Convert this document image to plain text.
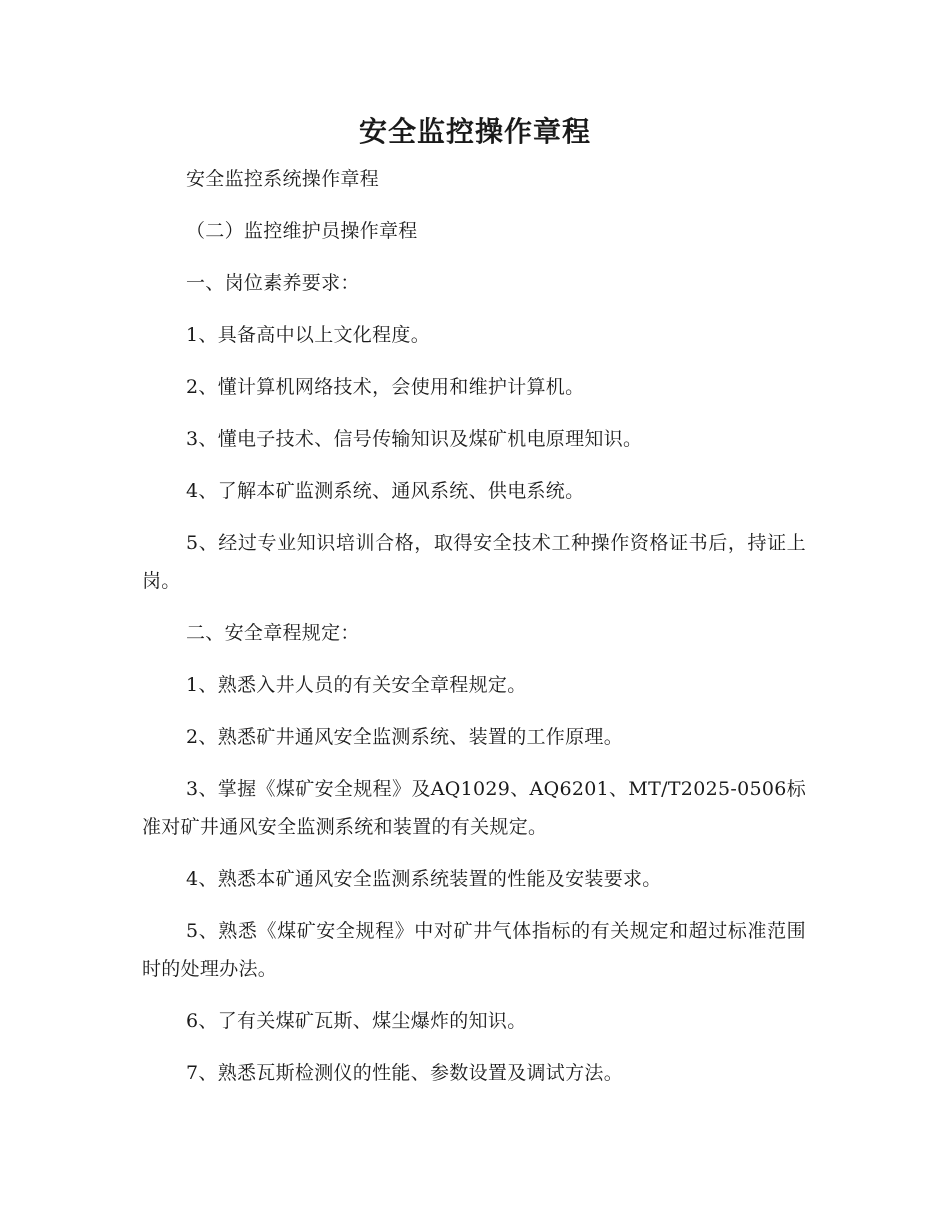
安全监控操作章程

安全监控系统操作章程

（二）监控维护员操作章程

一、岗位素养要求：

1、具备高中以上文化程度。

2、懂计算机网络技术，会使用和维护计算机。

3、懂电子技术、信号传输知识及煤矿机电原理知识。

4、了解本矿监测系统、通风系统、供电系统。

5、经过专业知识培训合格，取得安全技术工种操作资格证书后，持证上岗。

二、安全章程规定：

1、熟悉入井人员的有关安全章程规定。

2、熟悉矿井通风安全监测系统、装置的工作原理。

3、掌握《煤矿安全规程》及AQ1029、AQ6201、MT/T2025-0506标准对矿井通风安全监测系统和装置的有关规定。

4、熟悉本矿通风安全监测系统装置的性能及安装要求。

5、熟悉《煤矿安全规程》中对矿井气体指标的有关规定和超过标准范围时的处理办法。

6、了有关煤矿瓦斯、煤尘爆炸的知识。

7、熟悉瓦斯检测仪的性能、参数设置及调试方法。
